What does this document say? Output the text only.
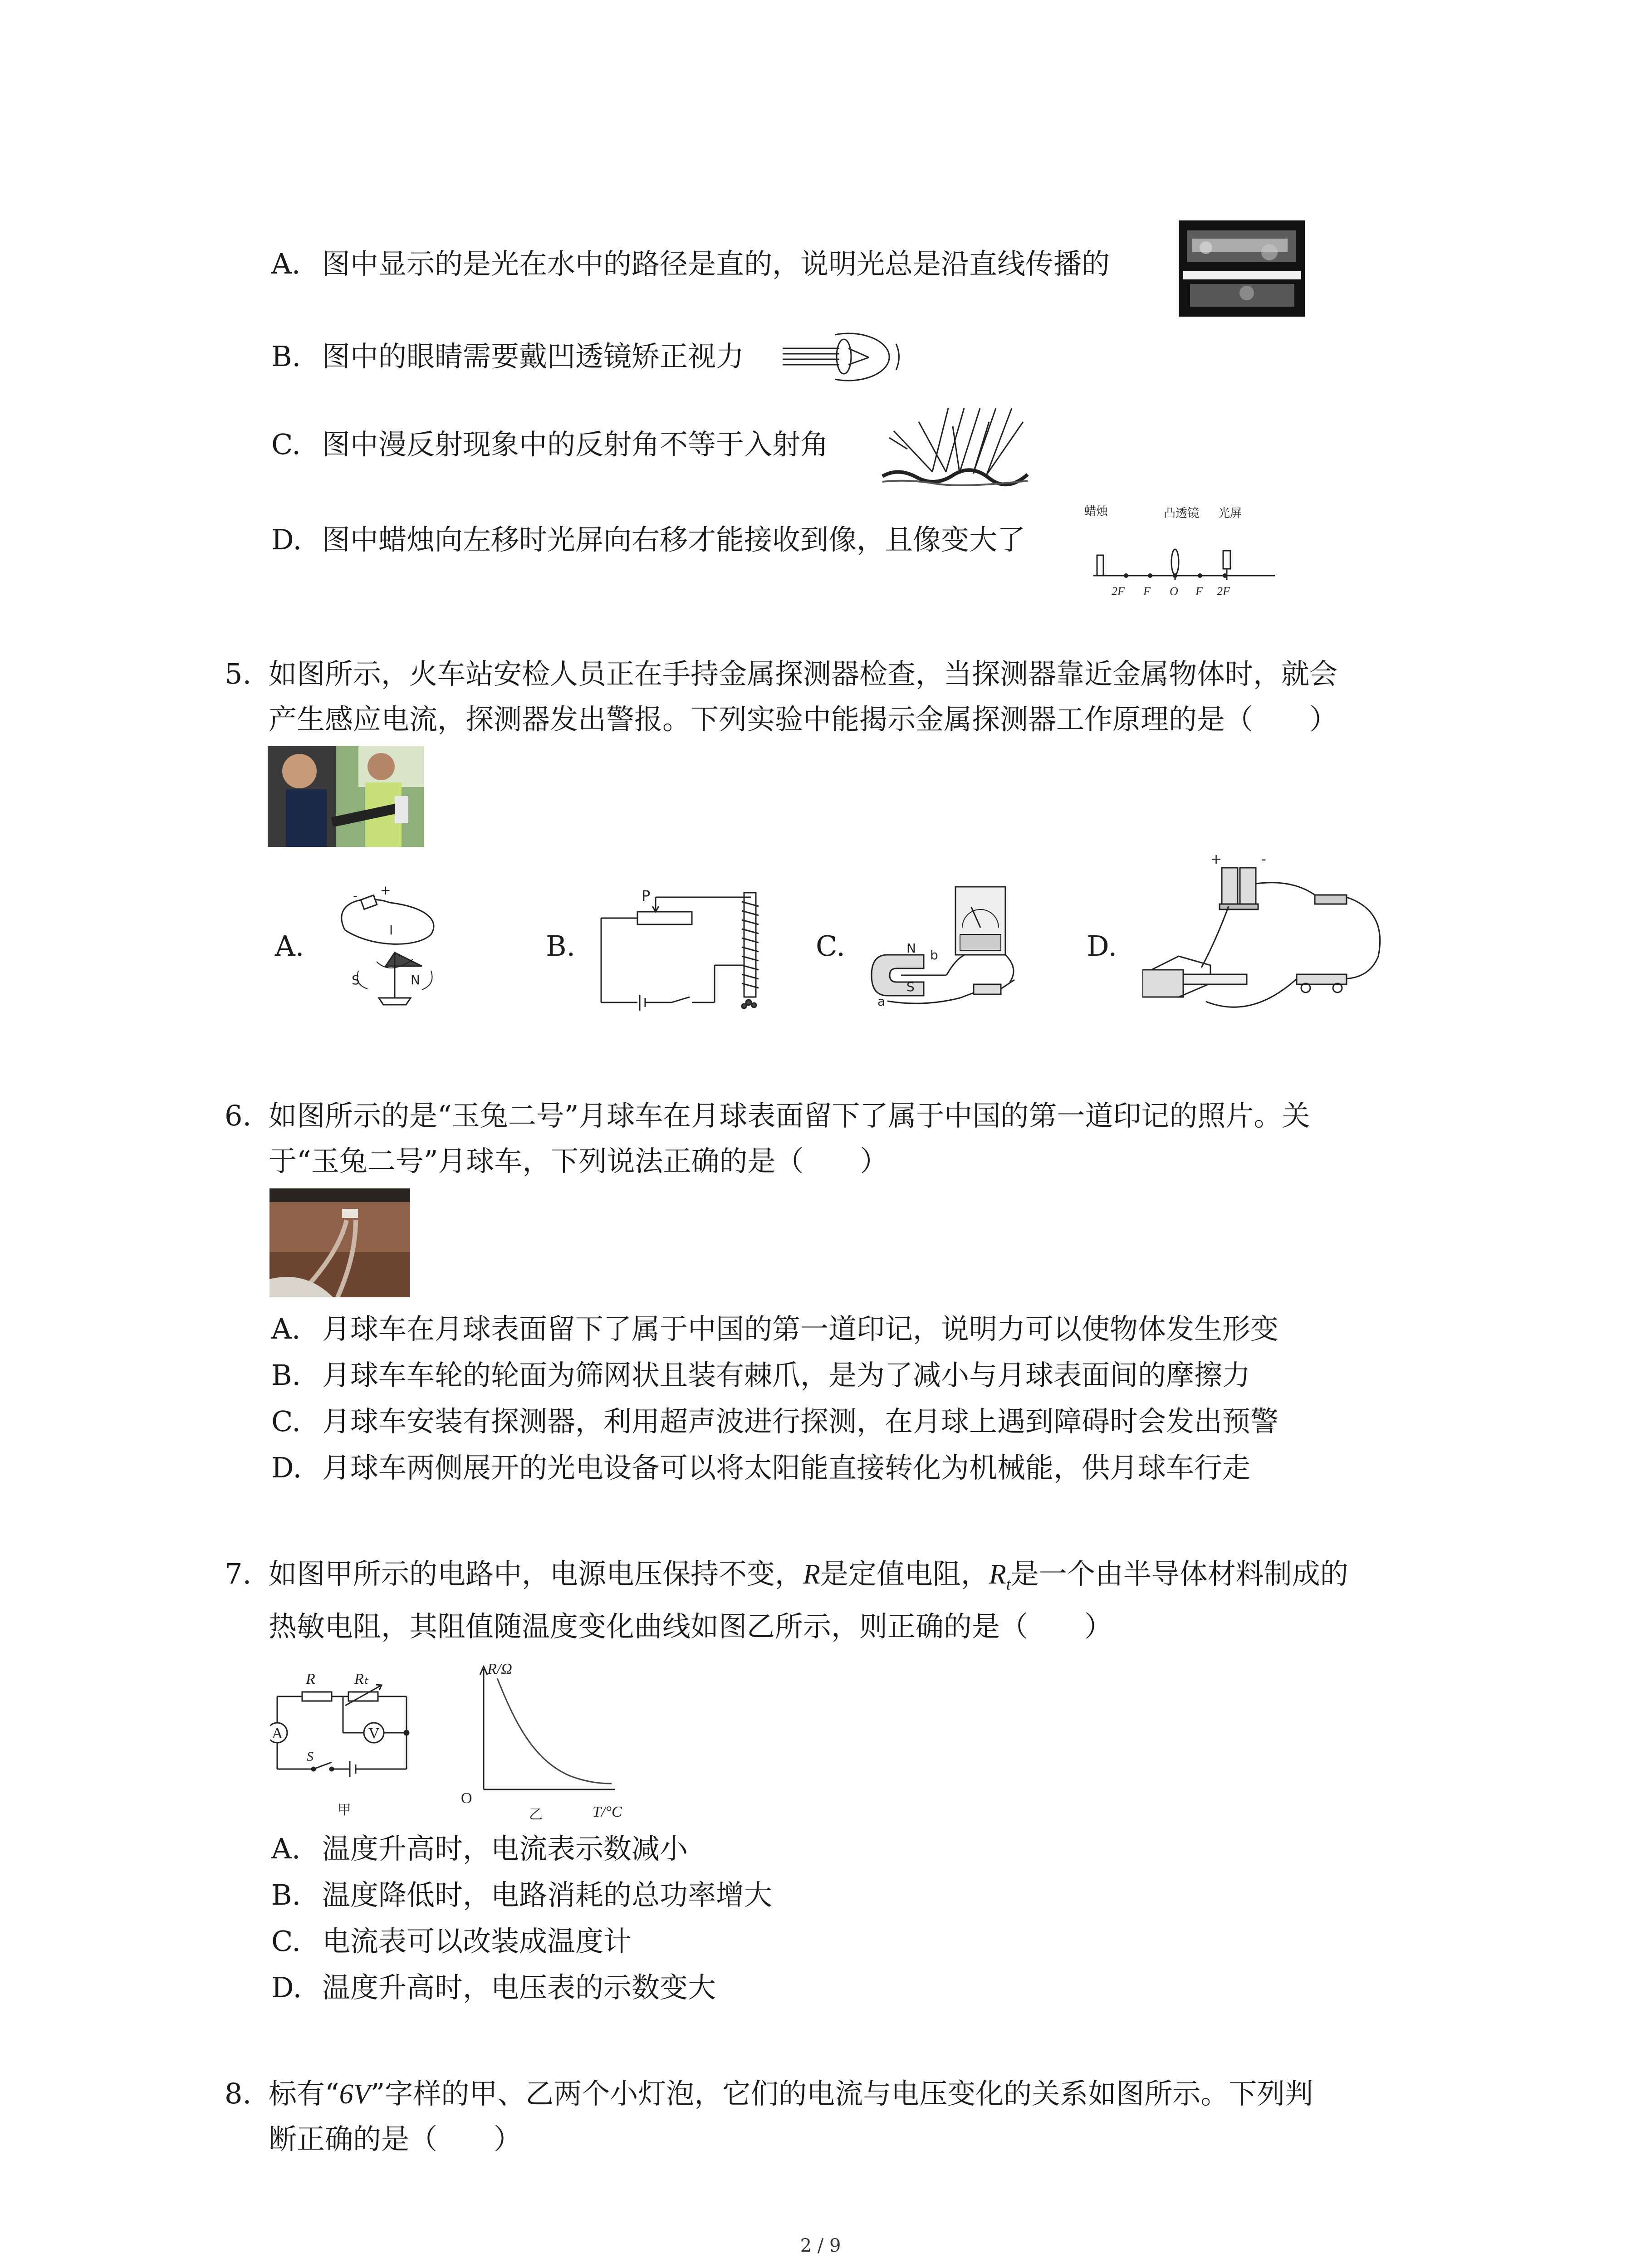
A. 图中显示的是光在水中的路径是直的，说明光总是沿直线传播的
B. 图中的眼睛需要戴凹透镜矫正视力
C. 图中漫反射现象中的反射角不等于入射角
D. 图中蜡烛向左移时光屏向右移才能接收到像，且像变大了
蜡烛	凸透镜 光屏
2F F O F 2F
5. 如图所示，火车站安检人员正在手持金属探测器检查，当探测器靠近金属物体时，就会
产生感应电流，探测器发出警报。下列实验中能揭示金属探测器工作原理的是（　　）
A.
- +
I
S	N
B.
P
C.	N b
S
a
D.
+	-
6. 如图所示的是“玉兔二号”月球车在月球表面留下了属于中国的第一道印记的照片。关
于“玉兔二号”月球车，下列说法正确的是（　　）
A. 月球车在月球表面留下了属于中国的第一道印记，说明力可以使物体发生形变
B. 月球车车轮的轮面为筛网状且装有棘爪，是为了减小与月球表面间的摩擦力
C. 月球车安装有探测器，利用超声波进行探测，在月球上遇到障碍时会发出预警
D. 月球车两侧展开的光电设备可以将太阳能直接转化为机械能，供月球车行走
7. 如图甲所示的电路中，电源电压保持不变，R是定值电阻，$R_t$是一个由半导体材料制成的
热敏电阻，其阻值随温度变化曲线如图乙所示，则正确的是（　　）
R	Rₜ
V
A
S
甲
R/Ω
O
乙	T/°C
A. 温度升高时，电流表示数减小
B. 温度降低时，电路消耗的总功率增大
C. 电流表可以改装成温度计
D. 温度升高时，电压表的示数变大
8. 标有“6V”字样的甲、乙两个小灯泡，它们的电流与电压变化的关系如图所示。下列判
断正确的是（　　）
2 / 9
